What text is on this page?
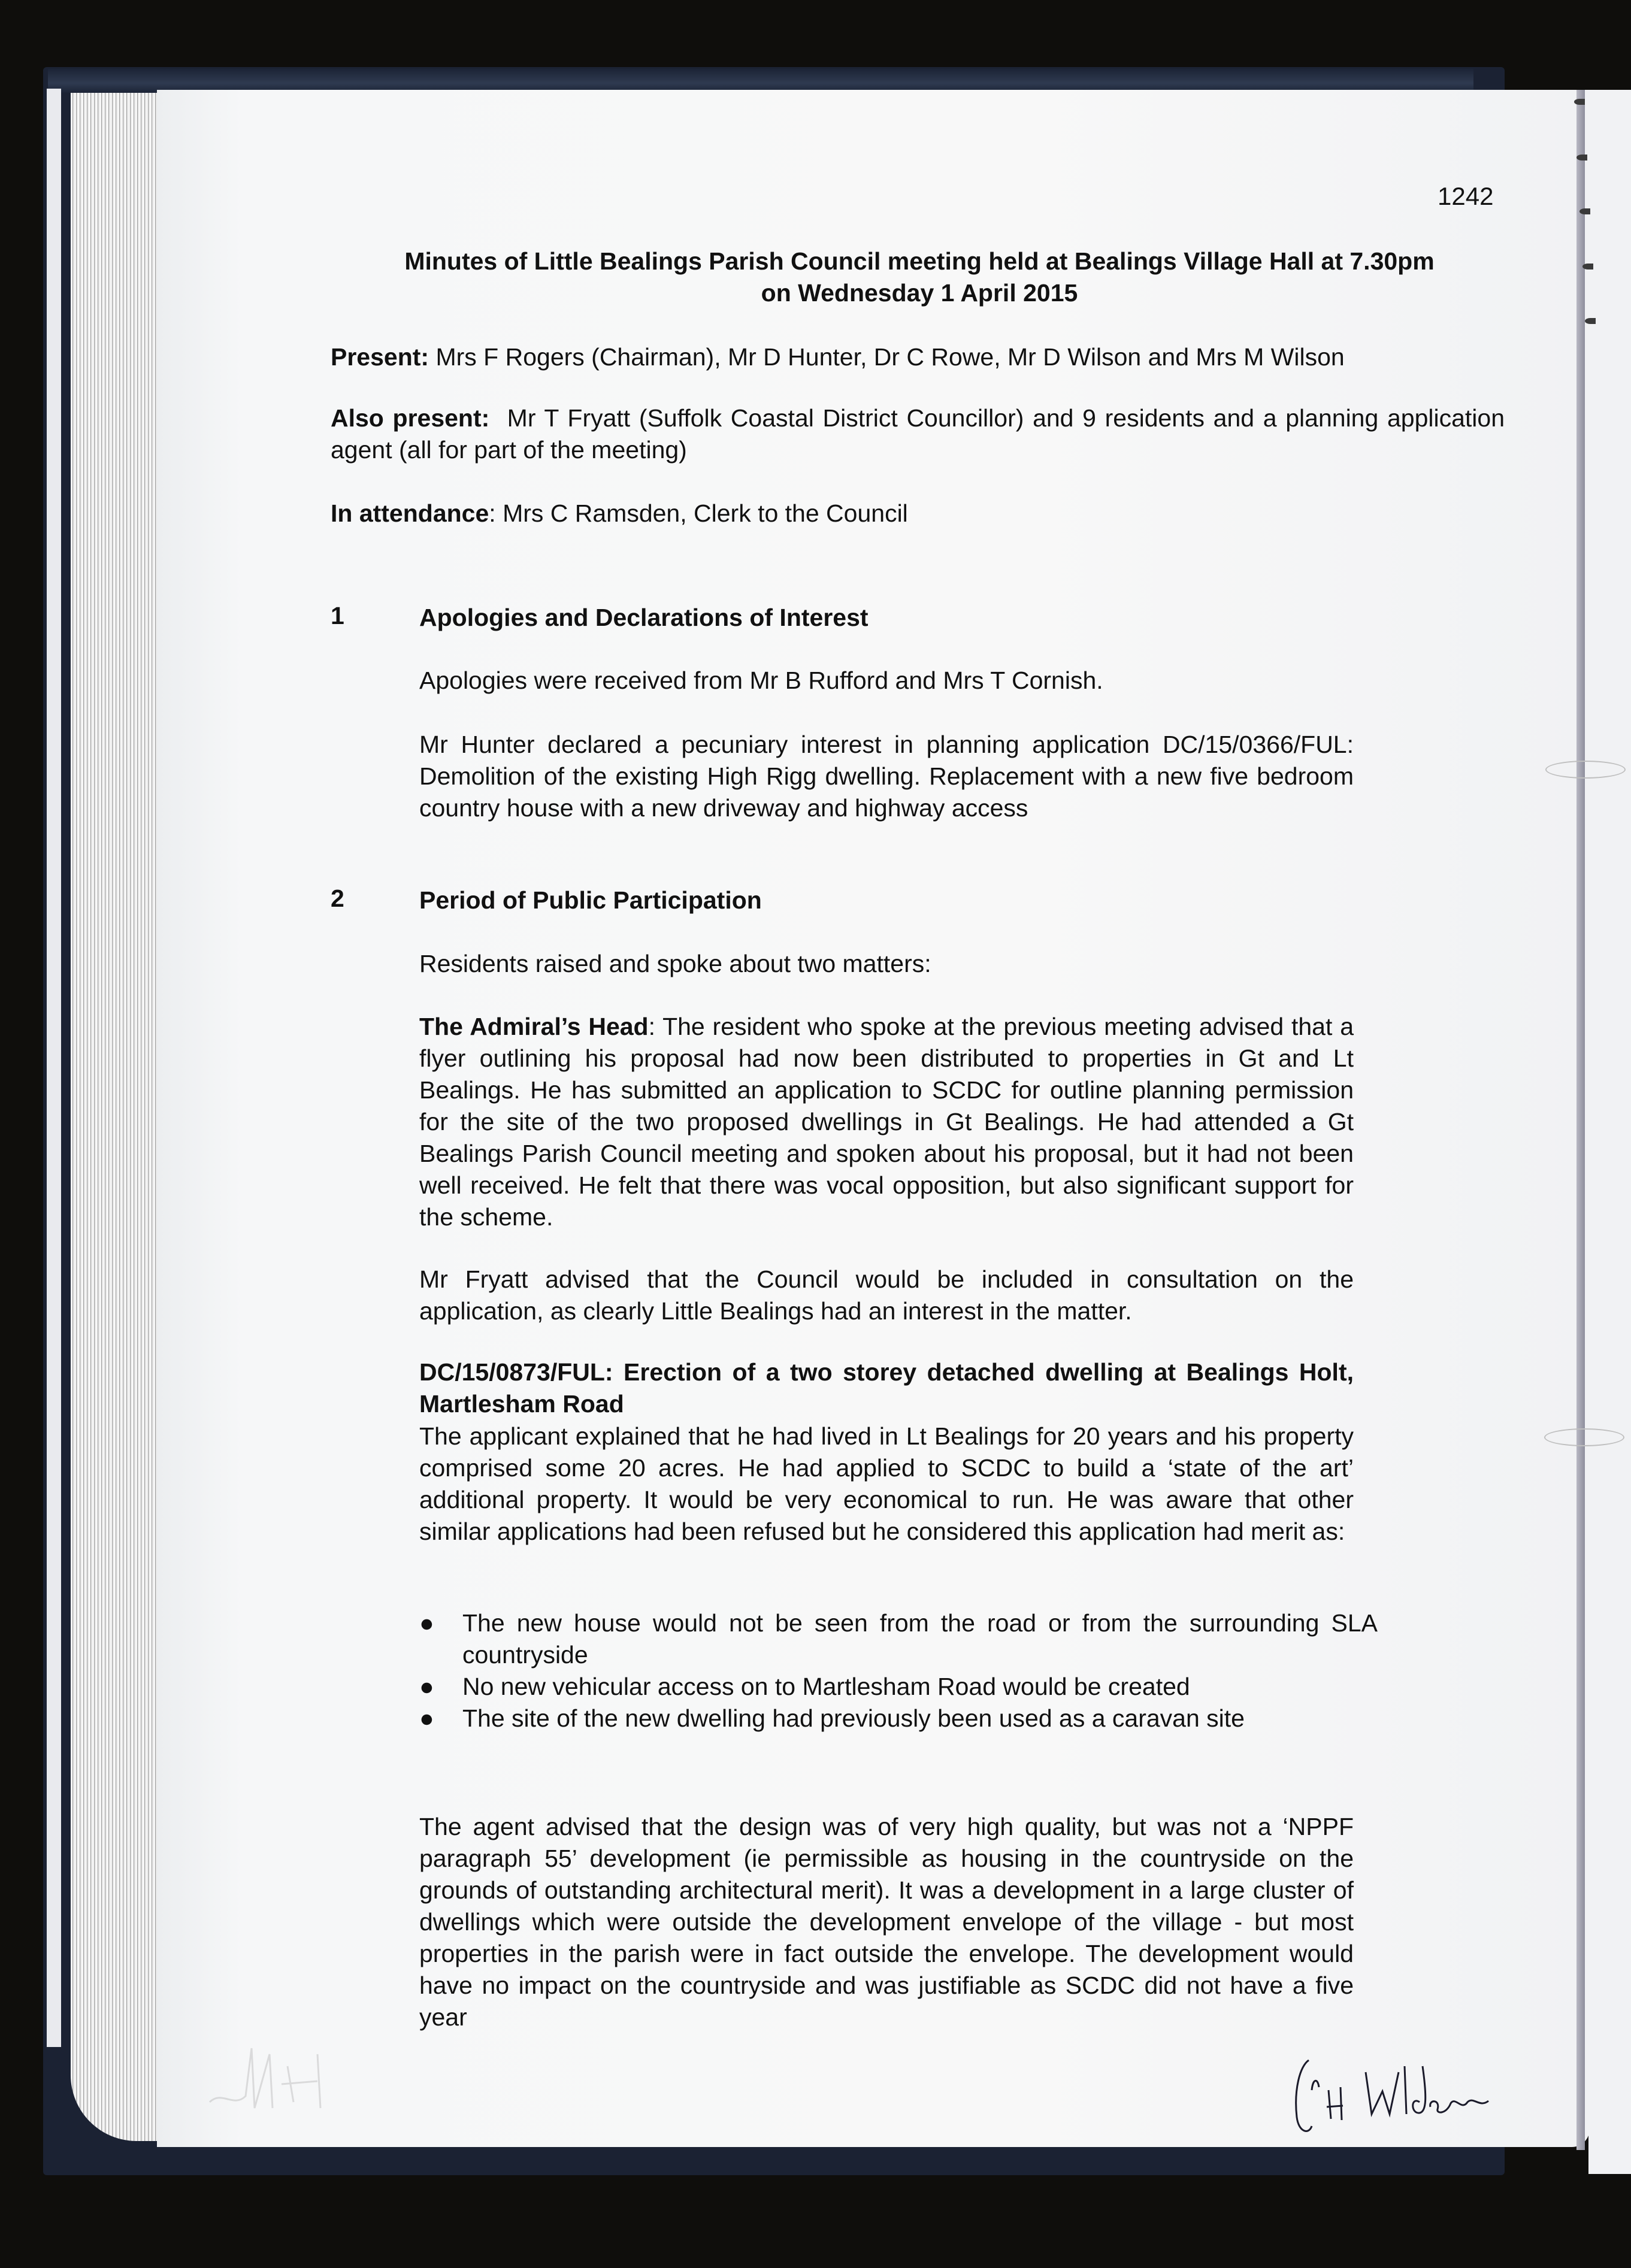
1242
Minutes of Little Bealings Parish Council meeting held at Bealings Village Hall at 7.30pm
on Wednesday 1 April 2015
Present: Mrs F Rogers (Chairman), Mr D Hunter, Dr C Rowe, Mr D Wilson and Mrs M Wilson
Also present: Mr T Fryatt (Suffolk Coastal District Councillor) and 9 residents and a planning application agent (all for part of the meeting)
In attendance: Mrs C Ramsden, Clerk to the Council
1	Apologies and Declarations of Interest
Apologies were received from Mr B Rufford and Mrs T Cornish.
Mr Hunter declared a pecuniary interest in planning application DC/15/0366/FUL: Demolition of the existing High Rigg dwelling. Replacement with a new five bedroom country house with a new driveway and highway access
2	Period of Public Participation
Residents raised and spoke about two matters:
The Admiral’s Head: The resident who spoke at the previous meeting advised that a flyer outlining his proposal had now been distributed to properties in Gt and Lt Bealings. He has submitted an application to SCDC for outline planning permission for the site of the two proposed dwellings in Gt Bealings. He had attended a Gt Bealings Parish Council meeting and spoken about his proposal, but it had not been well received. He felt that there was vocal opposition, but also significant support for the scheme.
Mr Fryatt advised that the Council would be included in consultation on the application, as clearly Little Bealings had an interest in the matter.
DC/15/0873/FUL: Erection of a two storey detached dwelling at Bealings Holt, Martlesham Road
The applicant explained that he had lived in Lt Bealings for 20 years and his property comprised some 20 acres. He had applied to SCDC to build a ‘state of the art’ additional property. It would be very economical to run. He was aware that other similar applications had been refused but he considered this application had merit as:
● The new house would not be seen from the road or from the surrounding SLA countryside
● No new vehicular access on to Martlesham Road would be created
● The site of the new dwelling had previously been used as a caravan site
The agent advised that the design was of very high quality, but was not a ‘NPPF paragraph 55’ development (ie permissible as housing in the countryside on the grounds of outstanding architectural merit). It was a development in a large cluster of dwellings which were outside the development envelope of the village - but most properties in the parish were in fact outside the envelope. The development would have no impact on the countryside and was justifiable as SCDC did not have a five year
